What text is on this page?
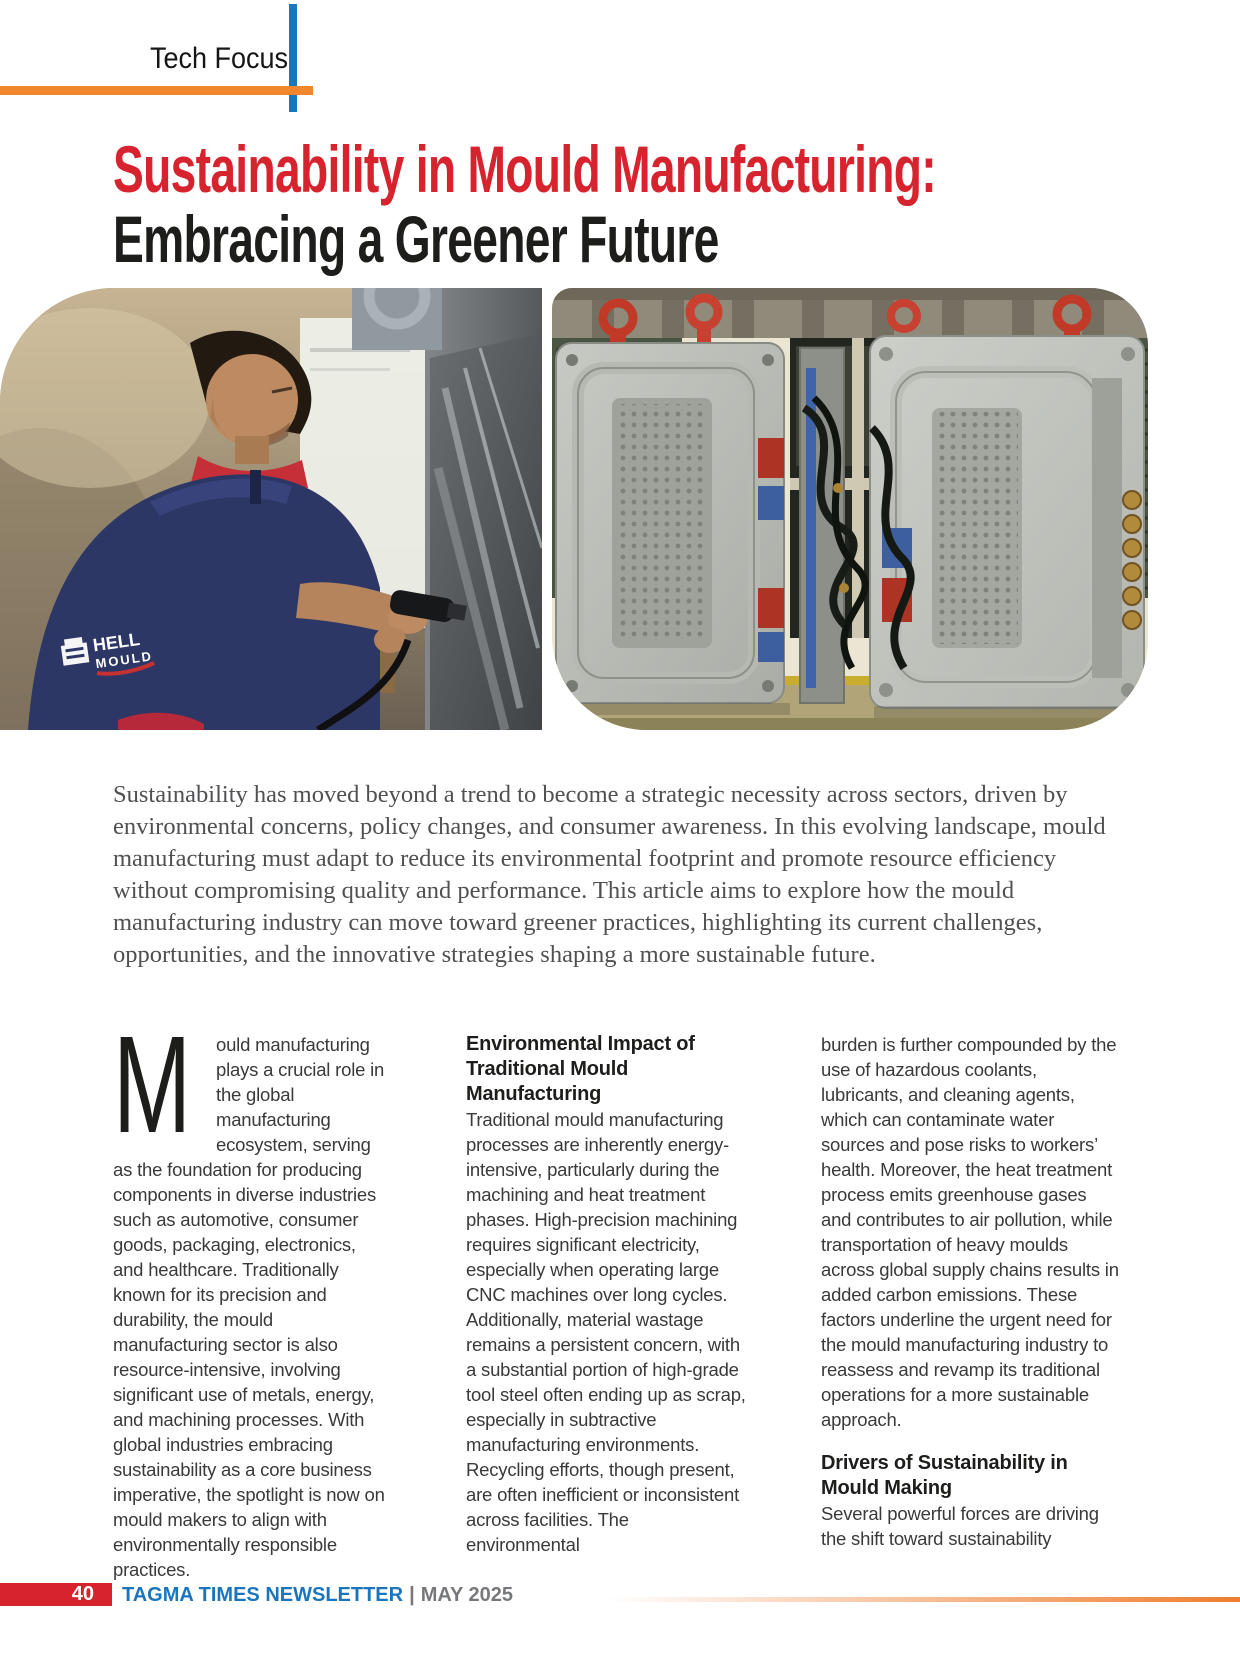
Tech Focus
Sustainability in Mould Manufacturing:
Embracing a Greener Future
HELL
MOULD

Sustainability has moved beyond a trend to become a strategic necessity across sectors, driven by environmental concerns, policy changes, and consumer awareness. In this evolving landscape, mould manufacturing must adapt to reduce its environmental footprint and promote resource efficiency without compromising quality and performance. This article aims to explore how the mould manufacturing industry can move toward greener practices, highlighting its current challenges, opportunities, and the innovative strategies shaping a more sustainable future.

M ould manufacturing plays a crucial role in the global manufacturing ecosystem, serving as the foundation for producing components in diverse industries such as automotive, consumer goods, packaging, electronics, and healthcare. Traditionally known for its precision and durability, the mould manufacturing sector is also resource-intensive, involving significant use of metals, energy, and machining processes. With global industries embracing sustainability as a core business imperative, the spotlight is now on mould makers to align with environmentally responsible practices.

Environmental Impact of Traditional Mould Manufacturing

Traditional mould manufacturing processes are inherently energy-intensive, particularly during the machining and heat treatment phases. High-precision machining requires significant electricity, especially when operating large CNC machines over long cycles. Additionally, material wastage remains a persistent concern, with a substantial portion of high-grade tool steel often ending up as scrap, especially in subtractive manufacturing environments. Recycling efforts, though present, are often inefficient or inconsistent across facilities. The environmental

burden is further compounded by the use of hazardous coolants, lubricants, and cleaning agents, which can contaminate water sources and pose risks to workers’ health. Moreover, the heat treatment process emits greenhouse gases and contributes to air pollution, while transportation of heavy moulds across global supply chains results in added carbon emissions. These factors underline the urgent need for the mould manufacturing industry to reassess and revamp its traditional operations for a more sustainable approach.

Drivers of Sustainability in Mould Making

Several powerful forces are driving the shift toward sustainability

40	TAGMA TIMES NEWSLETTER | MAY 2025
